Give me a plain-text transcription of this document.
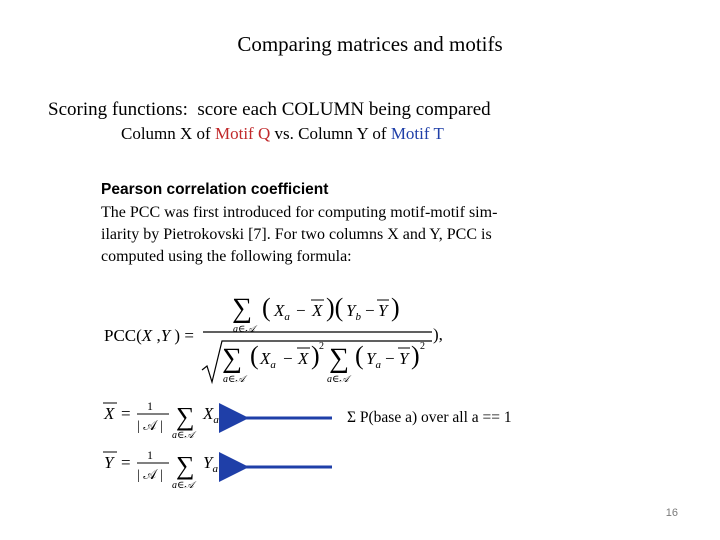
Comparing matrices and motifs
Scoring functions:  score each COLUMN being compared
Column X of Motif Q vs. Column Y of Motif T
Pearson correlation coefficient
The PCC was first introduced for computing motif-motif sim-
ilarity by Pietrokovski [7]. For two columns X and Y, PCC is
computed using the following formula:
PCC(X ,Y ) =
∑
a∈𝒜
( $X_a - X$ )( $Y_b - Y$ )
),
∑
a∈𝒜
( $X_a - X$ ) 2 ∑
a∈𝒜
( $Y_a - Y$ ) 2
X = 1
| 𝒜 | ∑
a∈𝒜
$X_a$
Y = 1
| 𝒜 | ∑
a∈𝒜
$Y_a$
Σ P(base a) over all a == 1
16
